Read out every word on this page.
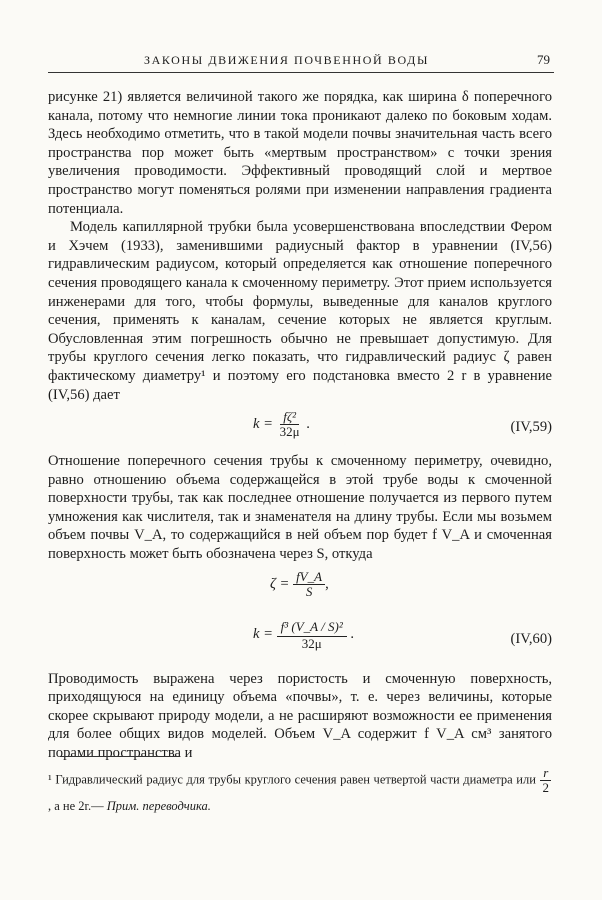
ЗАКОНЫ ДВИЖЕНИЯ ПОЧВЕННОЙ ВОДЫ	79

рисунке 21) является величиной такого же порядка, как ширина δ поперечного канала, потому что немногие линии тока проникают далеко по боковым ходам. Здесь необходимо отметить, что в такой модели почвы значительная часть всего пространства пор может быть «мертвым пространством» с точки зрения увеличения проводимости. Эффективный проводящий слой и мертвое пространство могут поменяться ролями при изменении направления градиента потенциала.

Модель капиллярной трубки была усовершенствована впоследствии Фером и Хэчем (1933), заменившими радиусный фактор в уравнении (IV,56) гидравлическим радиусом, который определяется как отношение поперечного сечения проводящего канала к смоченному периметру. Этот прием используется инженерами для того, чтобы формулы, выведенные для каналов круглого сечения, применять к каналам, сечение которых не является круглым. Обусловленная этим погрешность обычно не превышает допустимую. Для трубы круглого сечения легко показать, что гидравлический радиус ζ равен фактическому диаметру¹ и поэтому его подстановка вместо 2 r в уравнение (IV,56) дает

k =
$\frac{\text{fζ²}}{32\mu}$ .	(IV,59)

Отношение поперечного сечения трубы к смоченному периметру, очевидно, равно отношению объема содержащейся в этой трубе воды к смоченной поверхности трубы, так как последнее отношение получается из первого путем умножения как числителя, так и знаменателя на длину трубы. Если мы возьмем объем почвы V_A, то содержащийся в ней объем пор будет f V_A и смоченная поверхность может быть обозначена через S, откуда

ζ =
$\frac{fV\_A}{S}$ ,
k =
$\frac{\text{f³ (V\_A / S)²}}{32\mu}$ .	(IV,60)

Проводимость выражена через пористость и смоченную поверхность, приходящуюся на единицу объема «почвы», т. е. через величины, которые скорее скрывают природу модели, а не расширяют возможности ее применения для более общих видов моделей. Объем V_A содержит f V_A см³ занятого порами пространства и

¹ Гидравлический радиус для трубы круглого сечения равен четвертой части диаметра или $\frac{r}{2}$
, а не 2r.— Прим. переводчика.
